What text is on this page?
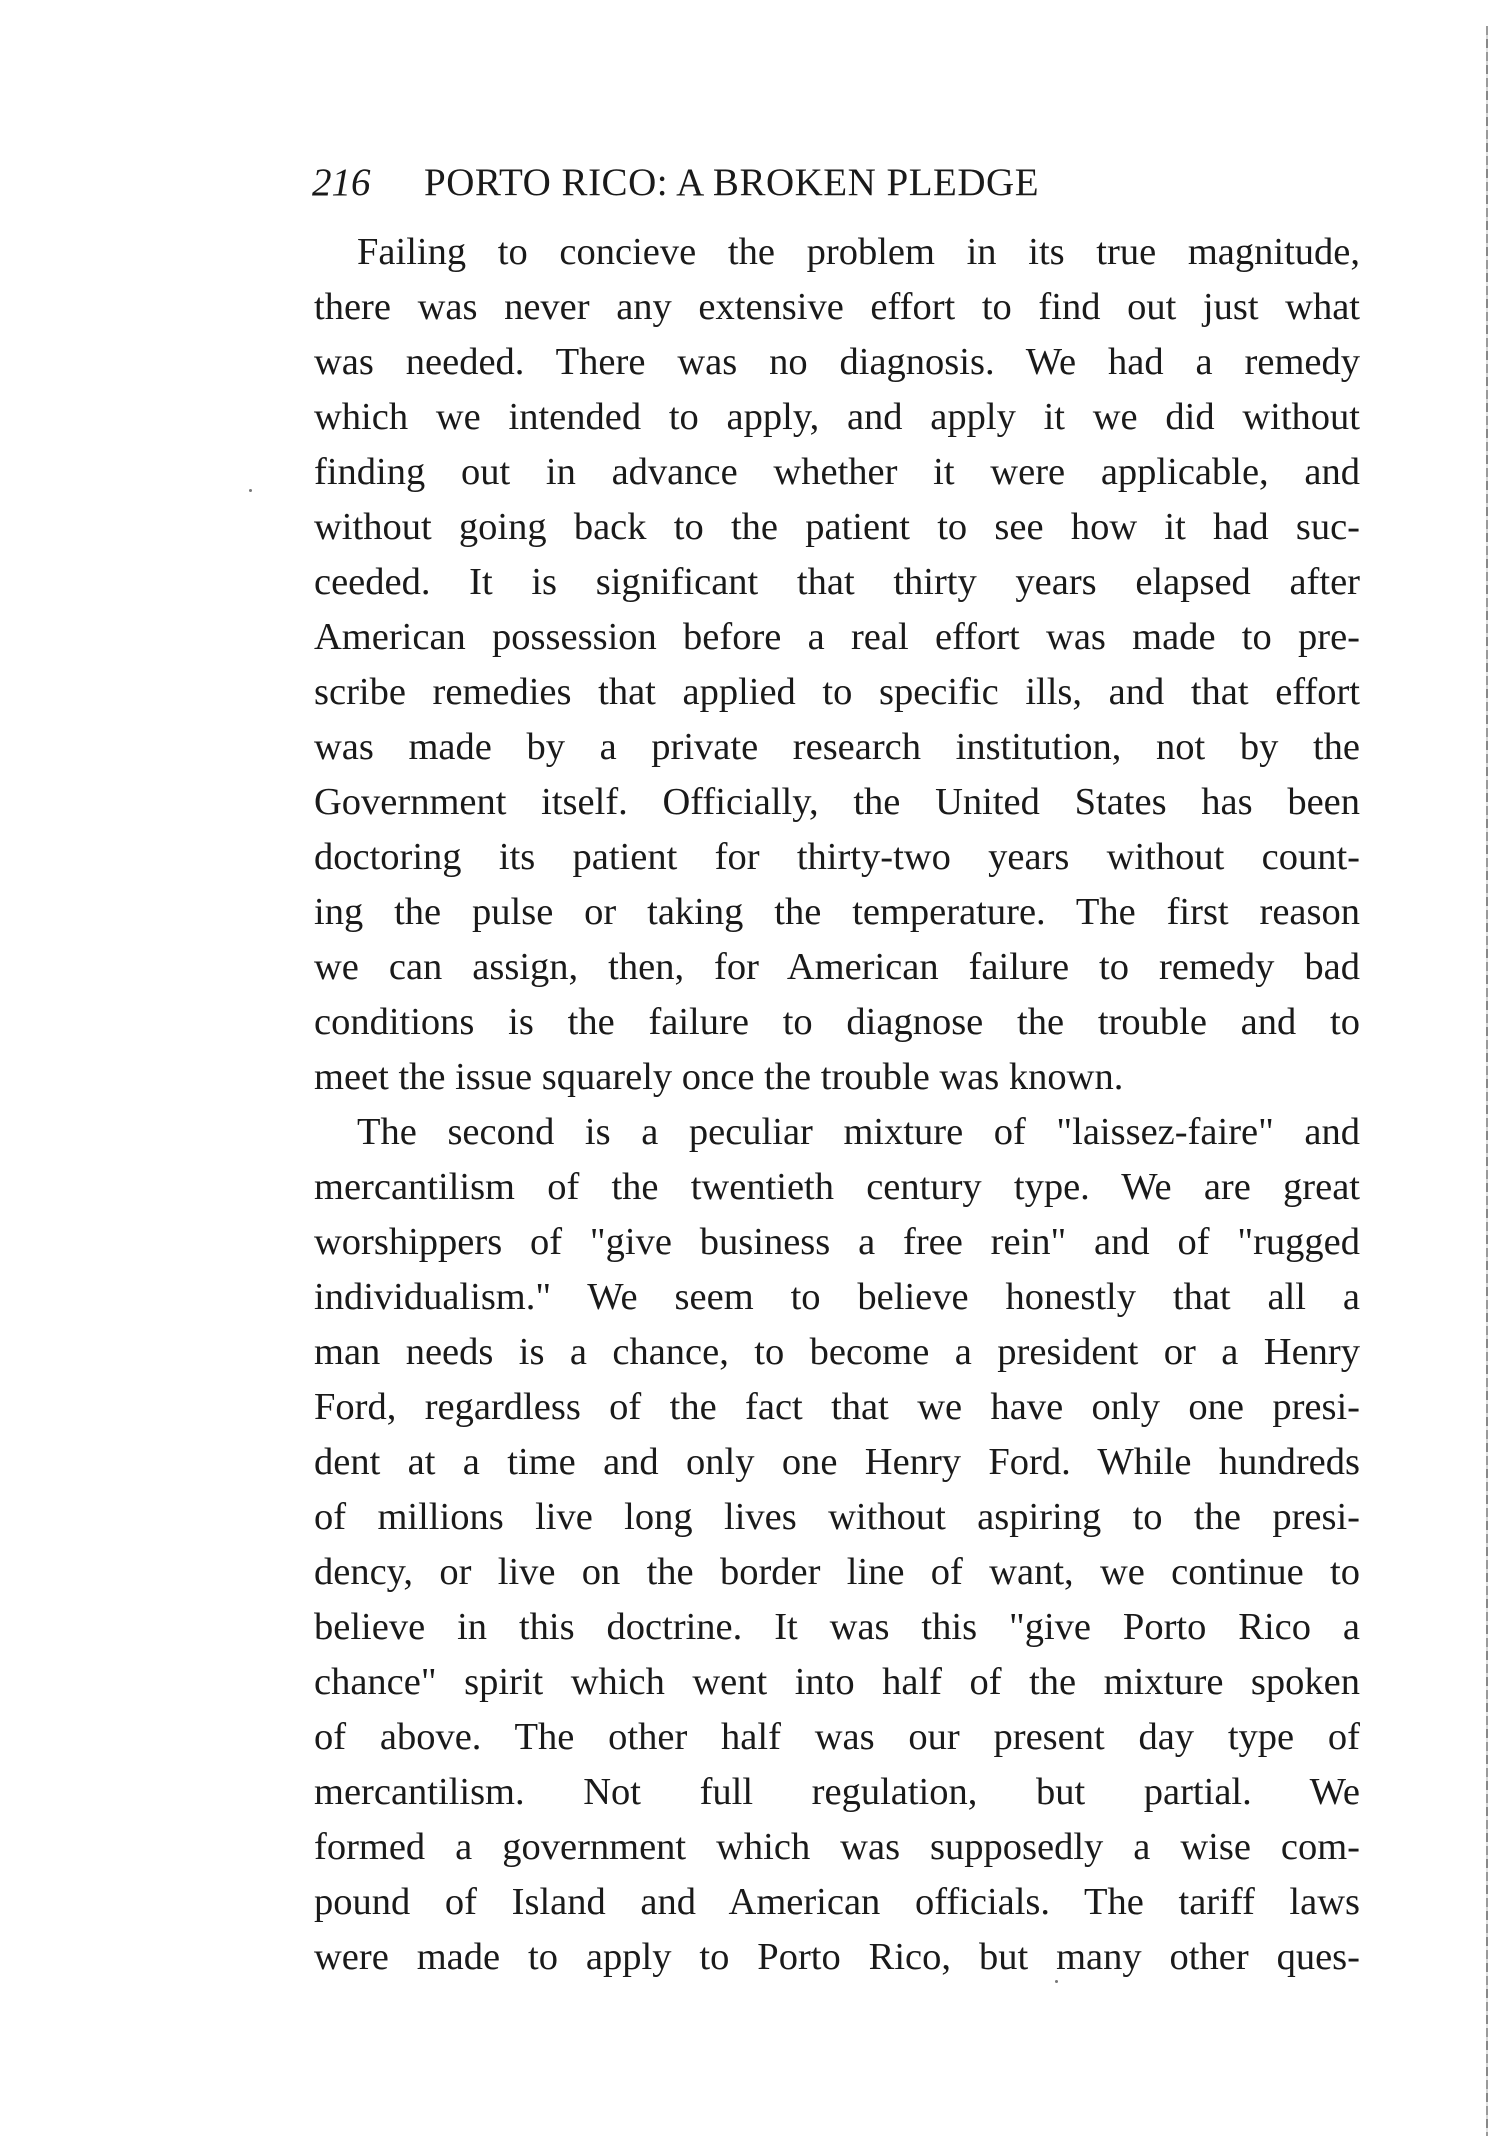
216 PORTO RICO: A BROKEN PLEDGE
Failing to concieve the problem in its true magnitude,
there was never any extensive effort to find out just what
was needed. There was no diagnosis. We had a remedy
which we intended to apply, and apply it we did without
finding out in advance whether it were applicable, and
without going back to the patient to see how it had suc-
ceeded. It is significant that thirty years elapsed after
American possession before a real effort was made to pre-
scribe remedies that applied to specific ills, and that effort
was made by a private research institution, not by the
Government itself. Officially, the United States has been
doctoring its patient for thirty-two years without count-
ing the pulse or taking the temperature. The first reason
we can assign, then, for American failure to remedy bad
conditions is the failure to diagnose the trouble and to
meet the issue squarely once the trouble was known.
The second is a peculiar mixture of "laissez-faire" and
mercantilism of the twentieth century type. We are great
worshippers of "give business a free rein" and of "rugged
individualism." We seem to believe honestly that all a
man needs is a chance, to become a president or a Henry
Ford, regardless of the fact that we have only one presi-
dent at a time and only one Henry Ford. While hundreds
of millions live long lives without aspiring to the presi-
dency, or live on the border line of want, we continue to
believe in this doctrine. It was this "give Porto Rico a
chance" spirit which went into half of the mixture spoken
of above. The other half was our present day type of
mercantilism. Not full regulation, but partial. We
formed a government which was supposedly a wise com-
pound of Island and American officials. The tariff laws
were made to apply to Porto Rico, but many other ques-
